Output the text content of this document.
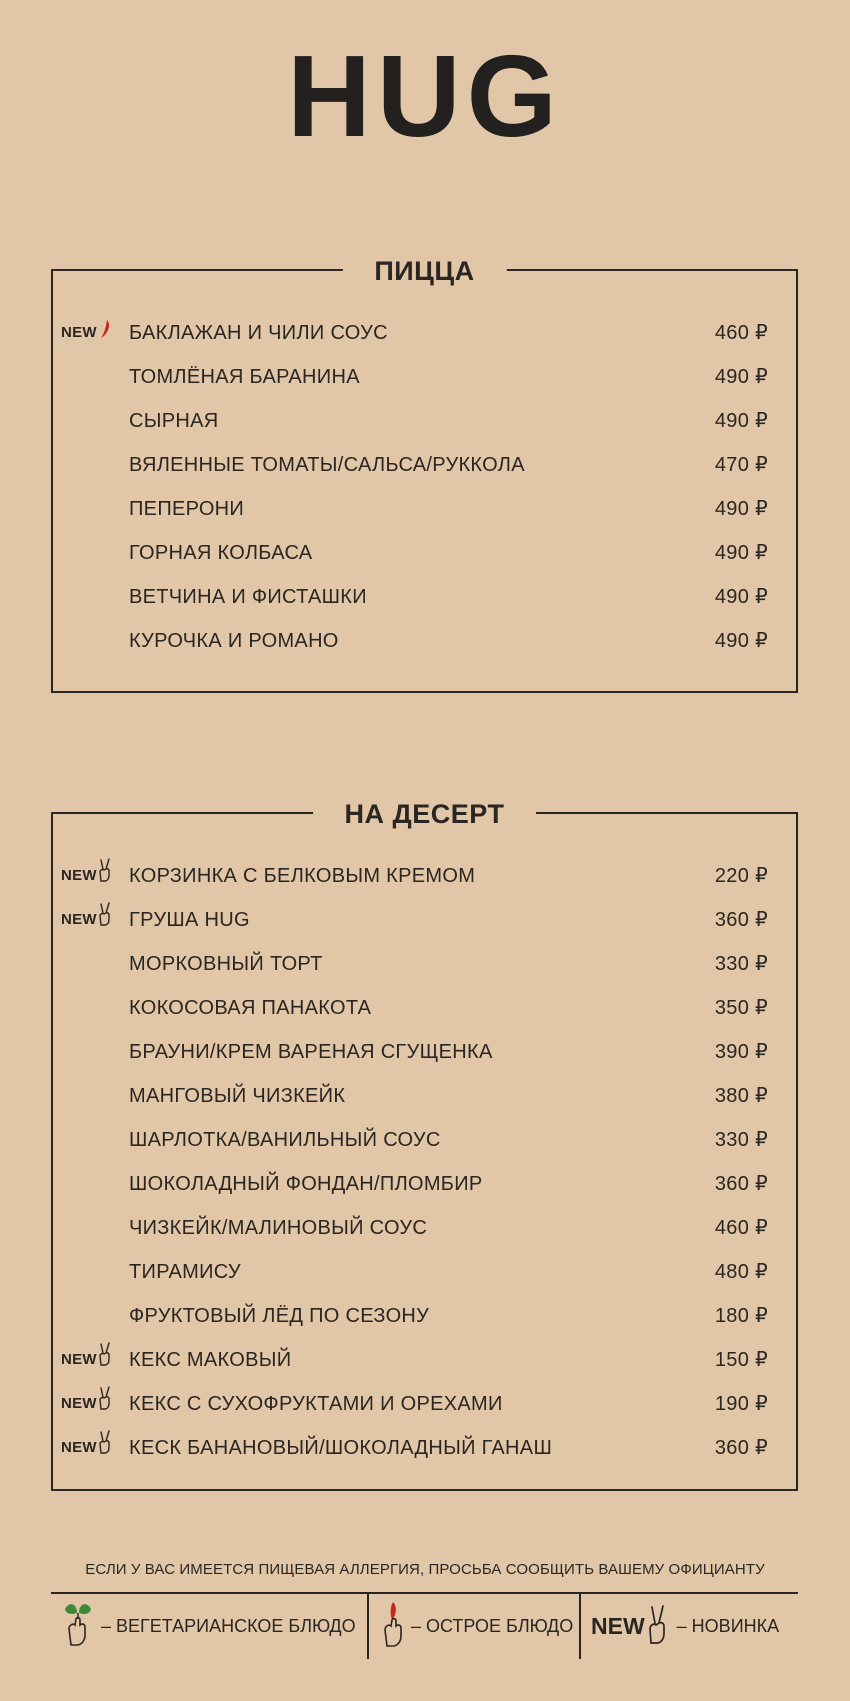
HUG
ПИЦЦА
NEW БАКЛАЖАН И ЧИЛИ СОУС	460 ₽
ТОМЛЁНАЯ БАРАНИНА	490 ₽
СЫРНАЯ	490 ₽
ВЯЛЕННЫЕ ТОМАТЫ/САЛЬСА/РУККОЛА	470 ₽
ПЕПЕРОНИ	490 ₽
ГОРНАЯ КОЛБАСА	490 ₽
ВЕТЧИНА И ФИСТАШКИ	490 ₽
КУРОЧКА И РОМАНО	490 ₽
НА ДЕСЕРТ
NEW КОРЗИНКА С БЕЛКОВЫМ КРЕМОМ	220 ₽
NEW ГРУША HUG	360 ₽
МОРКОВНЫЙ ТОРТ	330 ₽
КОКОСОВАЯ ПАНАКОТА	350 ₽
БРАУНИ/КРЕМ ВАРЕНАЯ СГУЩЕНКА	390 ₽
МАНГОВЫЙ ЧИЗКЕЙК	380 ₽
ШАРЛОТКА/ВАНИЛЬНЫЙ СОУС	330 ₽
ШОКОЛАДНЫЙ ФОНДАН/ПЛОМБИР	360 ₽
ЧИЗКЕЙК/МАЛИНОВЫЙ СОУС	460 ₽
ТИРАМИСУ	480 ₽
ФРУКТОВЫЙ ЛЁД ПО СЕЗОНУ	180 ₽
NEW КЕКС МАКОВЫЙ	150 ₽
NEW КЕКС С СУХОФРУКТАМИ И ОРЕХАМИ	190 ₽
NEW КЕСК БАНАНОВЫЙ/ШОКОЛАДНЫЙ ГАНАШ	360 ₽
ЕСЛИ У ВАС ИМЕЕТСЯ ПИЩЕВАЯ АЛЛЕРГИЯ, ПРОСЬБА СООБЩИТЬ ВАШЕМУ ОФИЦИАНТУ
– ВЕГЕТАРИАНСКОЕ БЛЮДО	– ОСТРОЕ БЛЮДО NEW – НОВИНКА
